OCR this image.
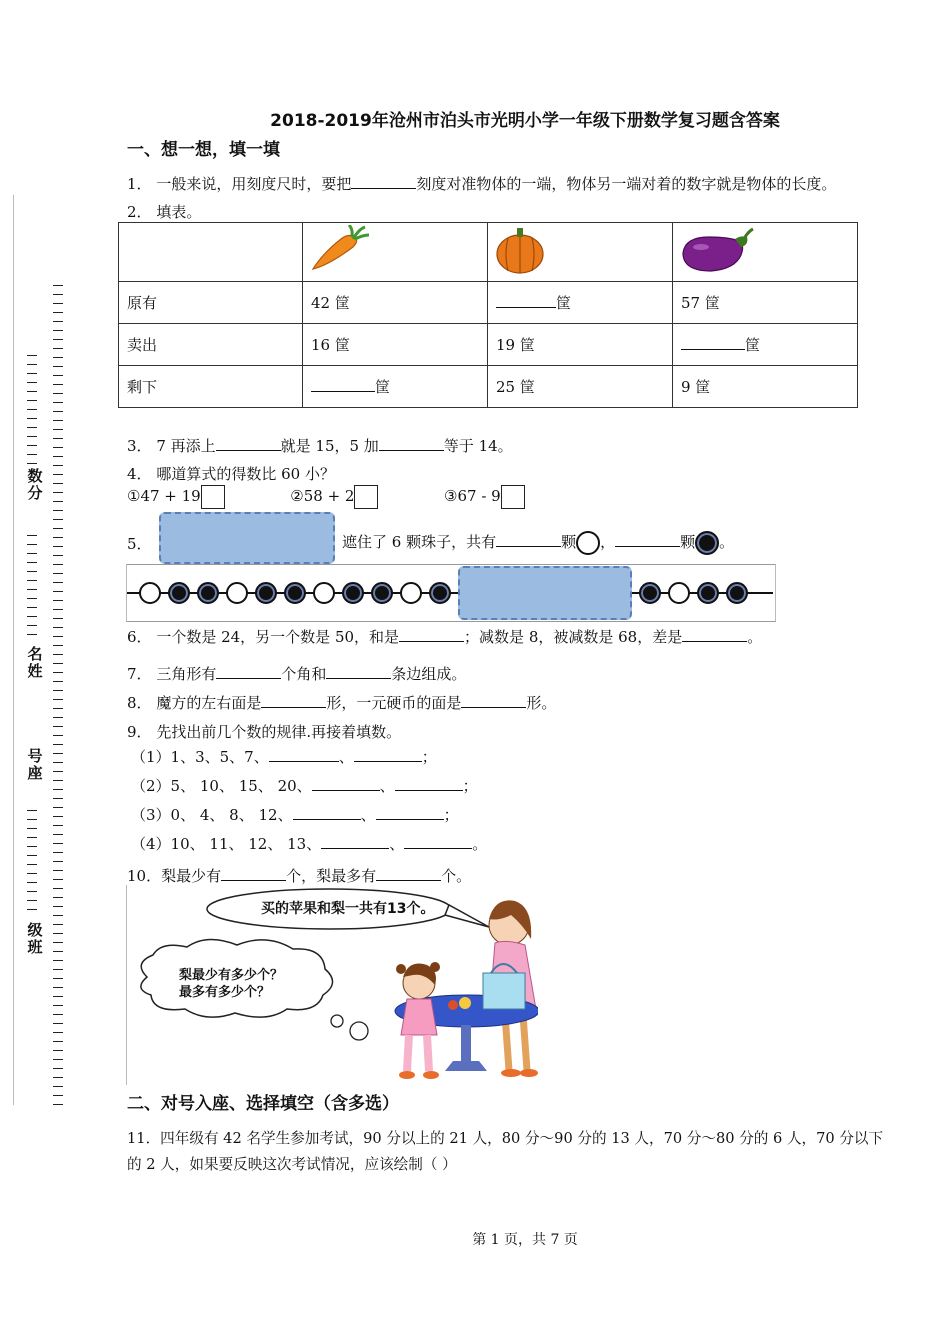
数分
名姓
号座
级班
2018-2019年沧州市泊头市光明小学一年级下册数学复习题含答案
一、想一想，填一填
1． 一般来说，用刻度尺时，要把	刻度对准物体的一端，物体另一端对着的数字就是物体的长度。
2． 填表。

原有	42 筐	筐	57 筐
卖出	16 筐	19 筐	筐
剩下	筐	25 筐	9 筐
3． 7 再添上	就是 15，5 加	等于 14。
4． 哪道算式的得数比 60 小？
①47 + 19	②58 + 2	③67 - 9
5．	遮住了 6 颗珠子，共有	颗 ，	颗 。
6． 一个数是 24，另一个数是 50，和是	；减数是 8，被减数是 68，差是	。
7． 三角形有	个角和	条边组成。
8． 魔方的左右面是	形，一元硬币的面是	形。
9． 先找出前几个数的规律.再接着填数。
（1）1、3、5、7、	、	；
（2）5、 10、 15、 20、	、	；
（3）0、 4、 8、 12、	、	；
（4）10、 11、 12、 13、	、	。
10．梨最少有	个，梨最多有	个。
买的苹果和梨一共有13个。
梨最少有多少个？
最多有多少个？
二、对号入座、选择填空（含多选）
11．四年级有 42 名学生参加考试，90 分以上的 21 人，80 分～90 分的 13 人，70 分～80 分的 6 人，70 分以下
的 2 人，如果要反映这次考试情况，应该绘制（ ）
第 1 页，共 7 页
